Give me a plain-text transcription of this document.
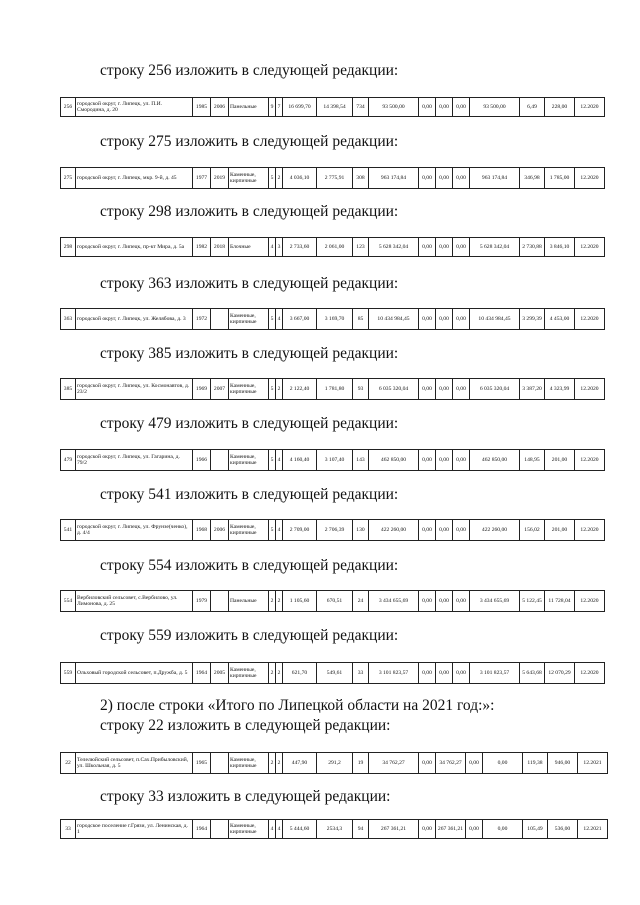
строку 256 изложить в следующей редакции:
строку 275 изложить в следующей редакции:
строку 298 изложить в следующей редакции:
строку 363 изложить в следующей редакции:
строку 385 изложить в следующей редакции:
строку 479 изложить в следующей редакции:
строку 541 изложить в следующей редакции:
строку 554 изложить в следующей редакции:
строку 559 изложить в следующей редакции:
2) после строки «Итого по Липецкой области на 2021 год:»:
строку 22 изложить в следующей редакции:
строку 33 изложить в следующей редакции:
256	городской округ, г. Липецк, ул. П.И. Смородина, д. 20	1985	2006	Панельные	9	7	16 699,70	14 398,54	734	93 500,00	0,00	0,00	0,00	93 500,00	6,49	228,00	12.2020
275	городской округ, г. Липецк, мкр. 9-й, д. 45	1977	2019	Каменные, кирпичные	5	2	4 036,10	2 775,91	308	963 174,84	0,00	0,00	0,00	963 174,84	346,98	1 785,00	12.2020
298	городской округ, г. Липецк, пр-кт Мира, д. 5а	1982	2018	Блочные	4	3	2 733,60	2 061,00	123	5 628 342,04	0,00	0,00	0,00	5 628 342,04	2 730,88	3 846,10	12.2020
363	городской округ, г. Липецк, ул. Желябова, д. 3	1972		Каменные, кирпичные	5	4	3 667,00	3 169,70	85	10 434 984,45	0,00	0,00	0,00	10 434 984,45	3 299,39	4 453,00	12.2020
385	городской округ, г. Липецк, ул. Космонавтов, д. 23/2	1969	2007	Каменные, кирпичные	5	2	2 122,40	1 781,80	93	6 035 320,04	0,00	0,00	0,00	6 035 320,04	3 387,20	4 323,99	12.2020
479	городской округ, г. Липецк, ул. Гагарина, д. 79/2	1966		Каменные, кирпичные	5	4	4 160,40	3 107,40	143	462 850,00	0,00	0,00	0,00	462 850,00	148,95	201,00	12.2020
541	городской округ, г. Липецк, ул. Фрунзе(ченко), д. 4/4	1968	2006	Каменные, кирпичные	5	4	2 709,00	2 706,39	130	422 260,00	0,00	0,00	0,00	422 260,00	156,02	201,00	12.2020
554	Вербиловский сельсовет, с.Вербилово, ул. Лимонова, д. 25	1979		Панельные	2	2	1 105,60	670,51	24	3 434 655,69	0,00	0,00	0,00	3 434 655,69	5 122,45	11 728,04	12.2020
559	Ольховый городской сельсовет, п.Дружба, д. 5	1964	2005	Каменные, кирпичные	2	2	621,70	549,61	33	3 101 823,57	0,00	0,00	0,00	3 101 823,57	5 643,68	12 070,29	12.2020
22	Телелюйский сельсовет, п.Сах.Прибыловский, ул. Школьная, д. 5	1965		Каменные, кирпичные	2	2	447,90	291,2	19	34 762,27	0,00	34 762,27	0,00	0,00	119,38	946,00	12.2021
33	городское поселение г.Грязи, ул. Ленинская, д. 1	1964		Каменные, кирпичные	4	4	5 444,60	2534,3	94	267 361,21	0,00	267 361,21	0,00	0,00	105,49	536,00	12.2021
